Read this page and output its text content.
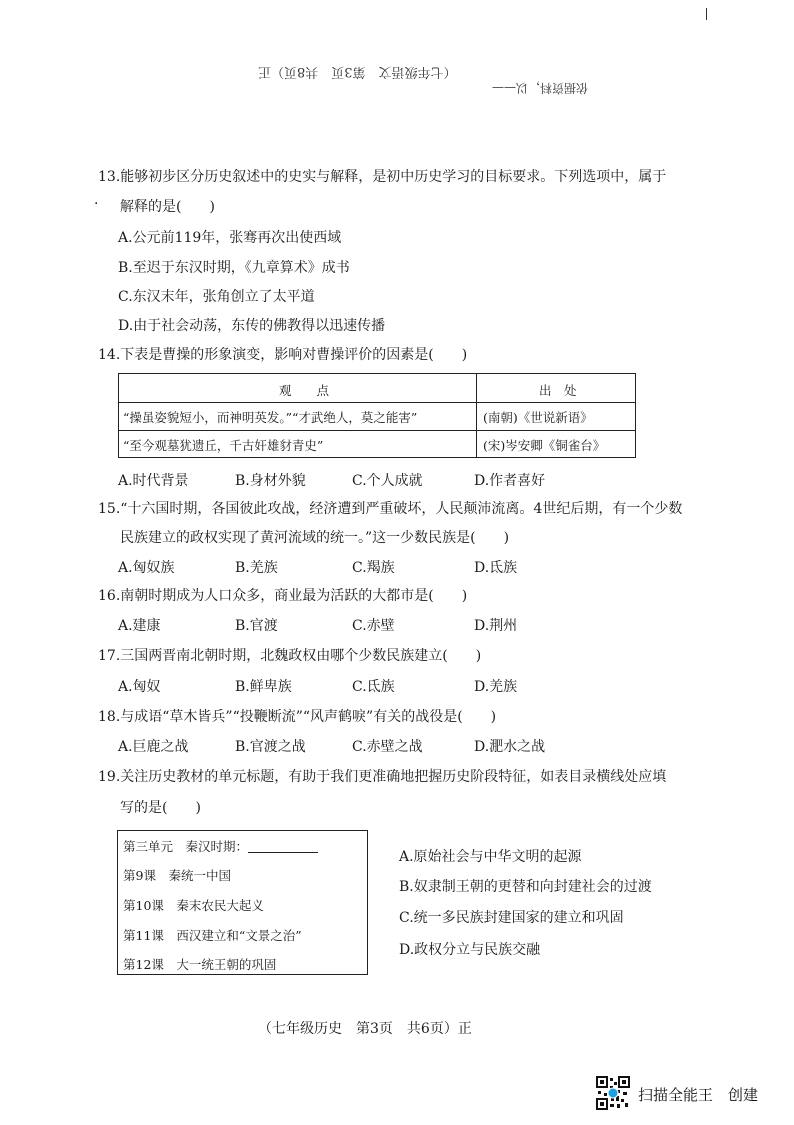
（七年级语文　第3页　共8页）正
依据资料，以——
13.能够初步区分历史叙述中的史实与解释，是初中历史学习的目标要求。下列选项中，属于
· 解释的是(　　)
A.公元前119年，张骞再次出使西域
B.至迟于东汉时期，《九章算术》成书
C.东汉末年，张角创立了太平道
D.由于社会动荡，东传的佛教得以迅速传播
14.下表是曹操的形象演变，影响对曹操评价的因素是(　　)
观　　点	出　处
“操虽姿貌短小，而神明英发。”“才武绝人，莫之能害”	(南朝)《世说新语》
“至今观墓犹遗丘，千古奸雄豺青史”	(宋)岑安卿《铜雀台》
A.时代背景	B.身材外貌	C.个人成就	D.作者喜好
15.“十六国时期，各国彼此攻战，经济遭到严重破坏，人民颠沛流离。4世纪后期，有一个少数
民族建立的政权实现了黄河流域的统一。”这一少数民族是(　　)
A.匈奴族	B.羌族	C.羯族	D.氐族
16.南朝时期成为人口众多，商业最为活跃的大都市是(　　)
A.建康	B.官渡	C.赤壁	D.荆州
17.三国两晋南北朝时期，北魏政权由哪个少数民族建立(　　)
A.匈奴	B.鲜卑族	C.氐族	D.羌族
18.与成语“草木皆兵”“投鞭断流”“风声鹤唳”有关的战役是(　　)
A.巨鹿之战	B.官渡之战	C.赤壁之战	D.淝水之战
19.关注历史教材的单元标题，有助于我们更准确地把握历史阶段特征，如表目录横线处应填
写的是(　　)
第三单元　秦汉时期：
第9课　秦统一中国
第10课　秦末农民大起义
第11课　西汉建立和“文景之治”
第12课　大一统王朝的巩固
A.原始社会与中华文明的起源
B.奴隶制王朝的更替和向封建社会的过渡
C.统一多民族封建国家的建立和巩固
D.政权分立与民族交融
（七年级历史　第3页　共6页）正
扫描全能王　创建
